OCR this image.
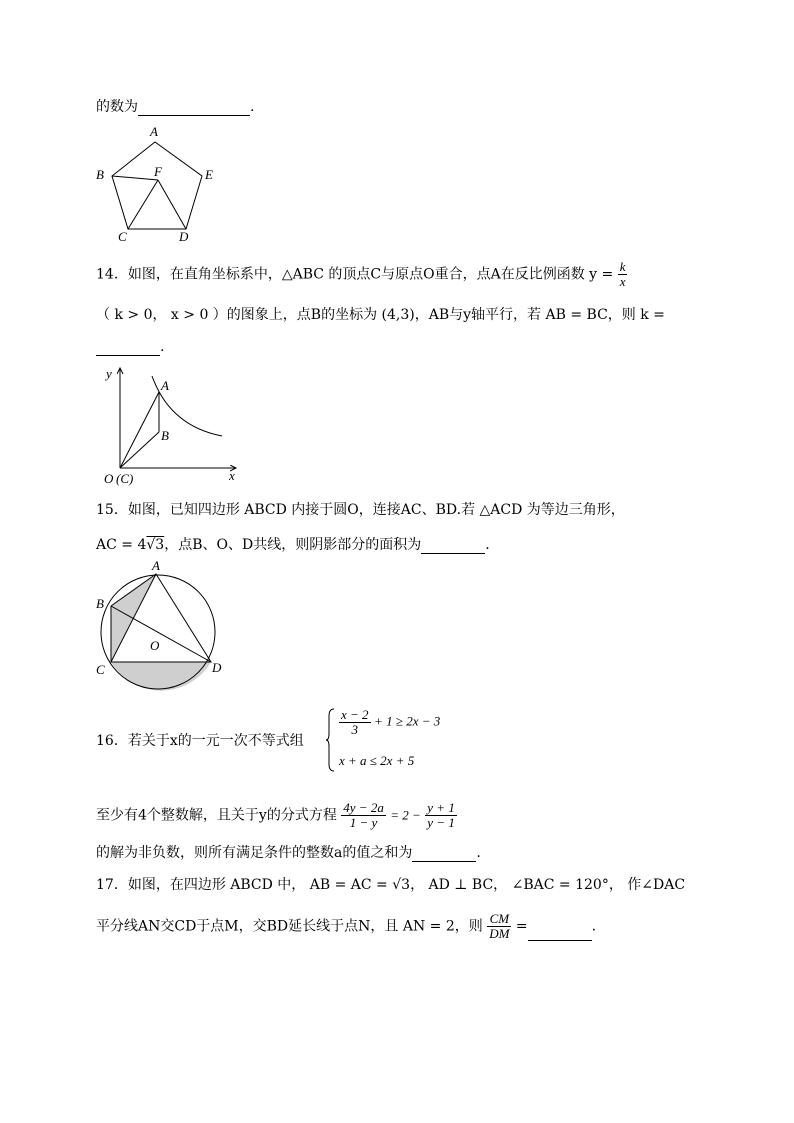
的数为	.
A
B	F	E
C	D
14．如图，在直角坐标系中，△ABC 的顶点C与原点O重合，点A在反比例函数 $y = \frac{k}{x}$
（ k > 0， x > 0 ）的图象上，点B的坐标为 (4,3)，AB与y轴平行，若 AB = BC，则 k =
.
y
A
B
O (C)	x
15．如图，已知四边形 ABCD 内接于圆O，连接AC、BD.若 △ACD 为等边三角形，
AC = 4√3，点B、O、D共线，则阴影部分的面积为	.
A
B
O
C	D
16．若关于x的一元一次不等式组
$\frac{x - 2}{3} + 1 \ge 2x - 3$
x + a ≤ 2x + 5
至少有4个整数解，且关于y的分式方程 $\frac{4y - 2a}{1 - y} = 2 - \frac{y + 1}{y - 1}$
的解为非负数，则所有满足条件的整数a的值之和为	.
17．如图，在四边形 ABCD 中， AB = AC = √3， AD ⊥ BC， ∠BAC = 120°， 作∠DAC
平分线AN交CD于点M，交BD延长线于点N，且 AN = 2，则 $\frac{CM}{DM}$ =	.
